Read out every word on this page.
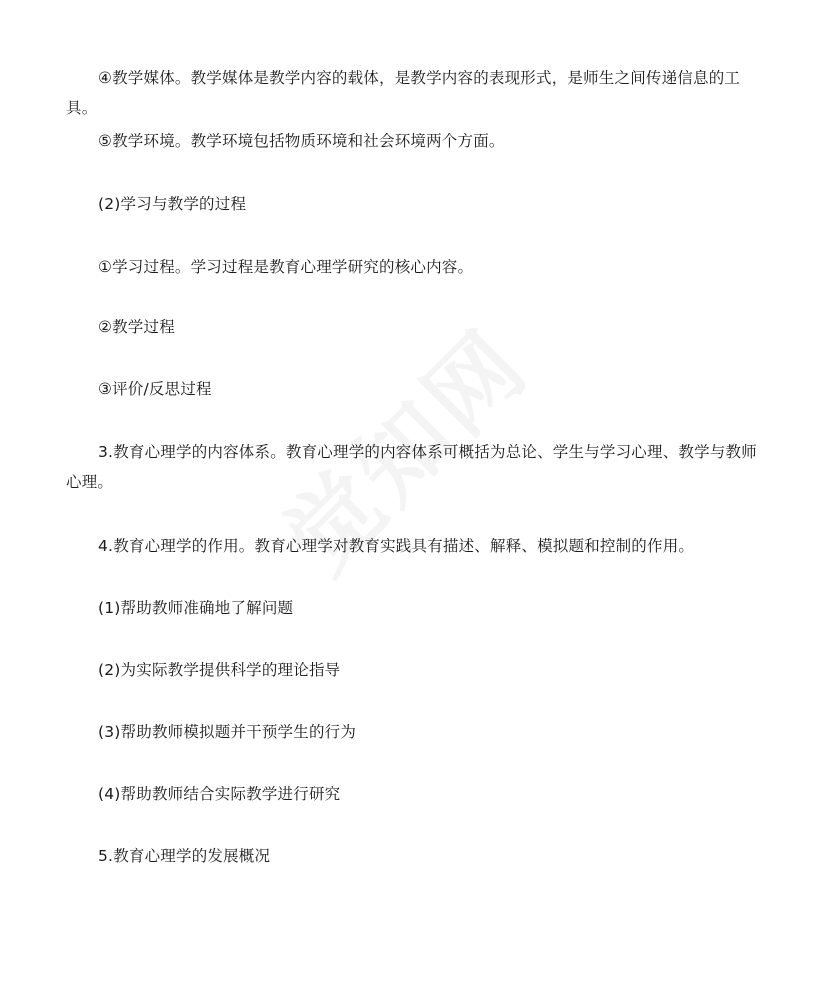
④教学媒体。教学媒体是教学内容的载体，是教学内容的表现形式，是师生之间传递信息的工具。

⑤教学环境。教学环境包括物质环境和社会环境两个方面。

(2)学习与教学的过程

①学习过程。学习过程是教育心理学研究的核心内容。

②教学过程

③评价/反思过程

3.教育心理学的内容体系。教育心理学的内容体系可概括为总论、学生与学习心理、教学与教师心理。

4.教育心理学的作用。教育心理学对教育实践具有描述、解释、模拟题和控制的作用。

(1)帮助教师准确地了解问题

(2)为实际教学提供科学的理论指导

(3)帮助教师模拟题并干预学生的行为

(4)帮助教师结合实际教学进行研究

5.教育心理学的发展概况
